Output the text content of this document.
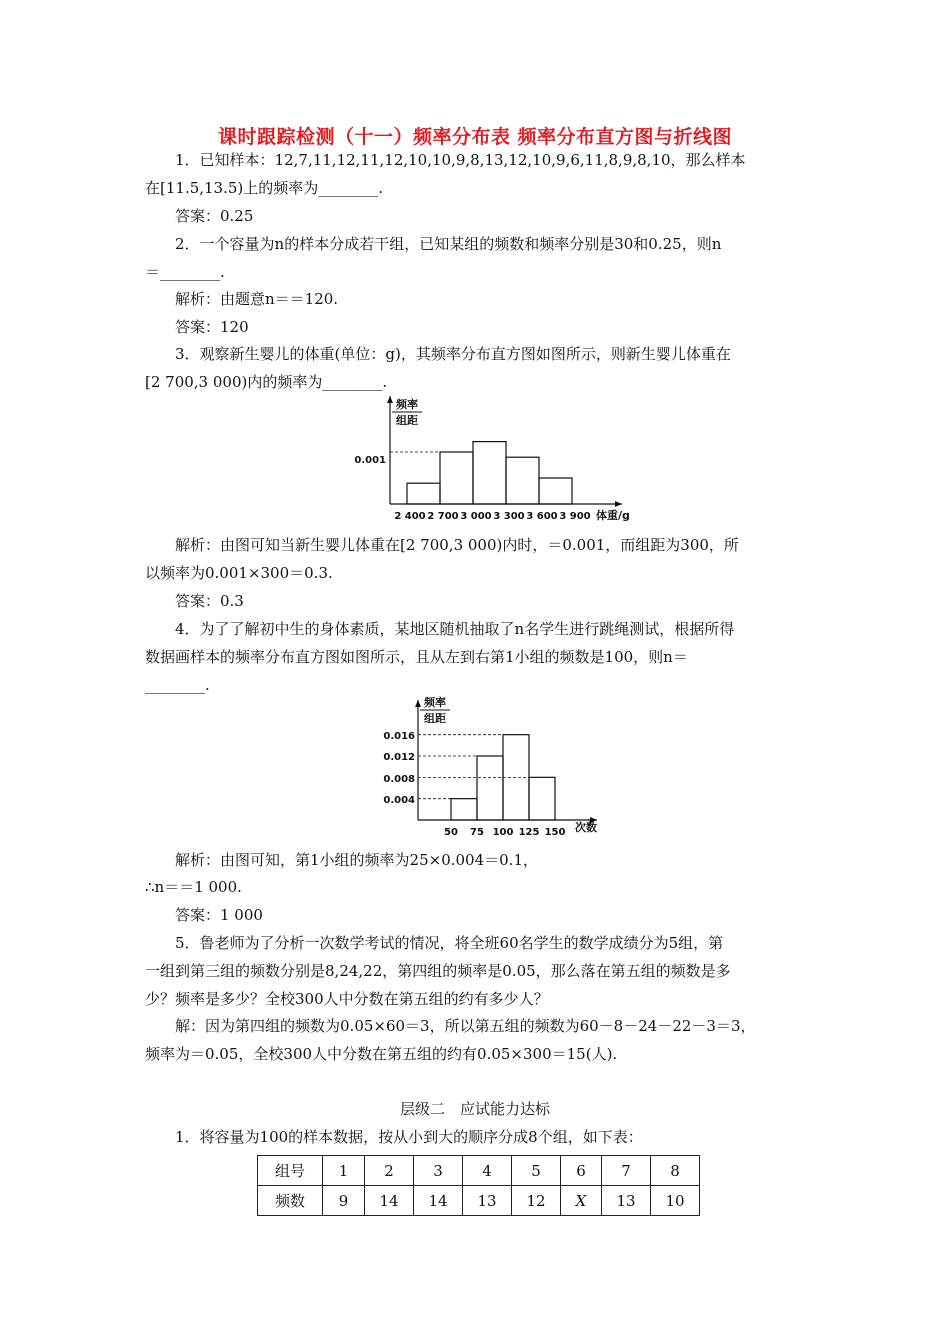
课时跟踪检测（十一）频率分布表 频率分布直方图与折线图
1．已知样本：12,7,11,12,11,12,10,10,9,8,13,12,10,9,6,11,8,9,8,10，那么样本
在[11.5,13.5)上的频率为________.
答案：0.25
2．一个容量为n的样本分成若干组，已知某组的频数和频率分别是30和0.25，则n
＝________.
解析：由题意n＝＝120.
答案：120
3．观察新生婴儿的体重(单位：g)，其频率分布直方图如图所示，则新生婴儿体重在
[2 700,3 000)内的频率为________.
频率
组距
2 400 2 700 3 000 3 300 3 600 3 900
0.001
体重/g
解析：由图可知当新生婴儿体重在[2 700,3 000)内时，＝0.001，而组距为300，所
以频率为0.001×300＝0.3.
答案：0.3
4．为了了解初中生的身体素质，某地区随机抽取了n名学生进行跳绳测试，根据所得
数据画样本的频率分布直方图如图所示，且从左到右第1小组的频数是100，则n＝
________.
频率
组距
50 75 100 125 150
0.016
0.012
0.008
0.004
次数
解析：由图可知，第1小组的频率为25×0.004＝0.1，
∴n＝＝1 000.
答案：1 000
5．鲁老师为了分析一次数学考试的情况，将全班60名学生的数学成绩分为5组，第
一组到第三组的频数分别是8,24,22，第四组的频率是0.05，那么落在第五组的频数是多
少？频率是多少？全校300人中分数在第五组的约有多少人？
解：因为第四组的频数为0.05×60＝3，所以第五组的频数为60－8－24－22－3＝3，
频率为＝0.05，全校300人中分数在第五组的约有0.05×300＝15(人).
层级二　应试能力达标
1．将容量为100的样本数据，按从小到大的顺序分成8个组，如下表：
组号	1	2	3	4	5	6	7	8
频数	9	14	14	13	12	X	13	10
